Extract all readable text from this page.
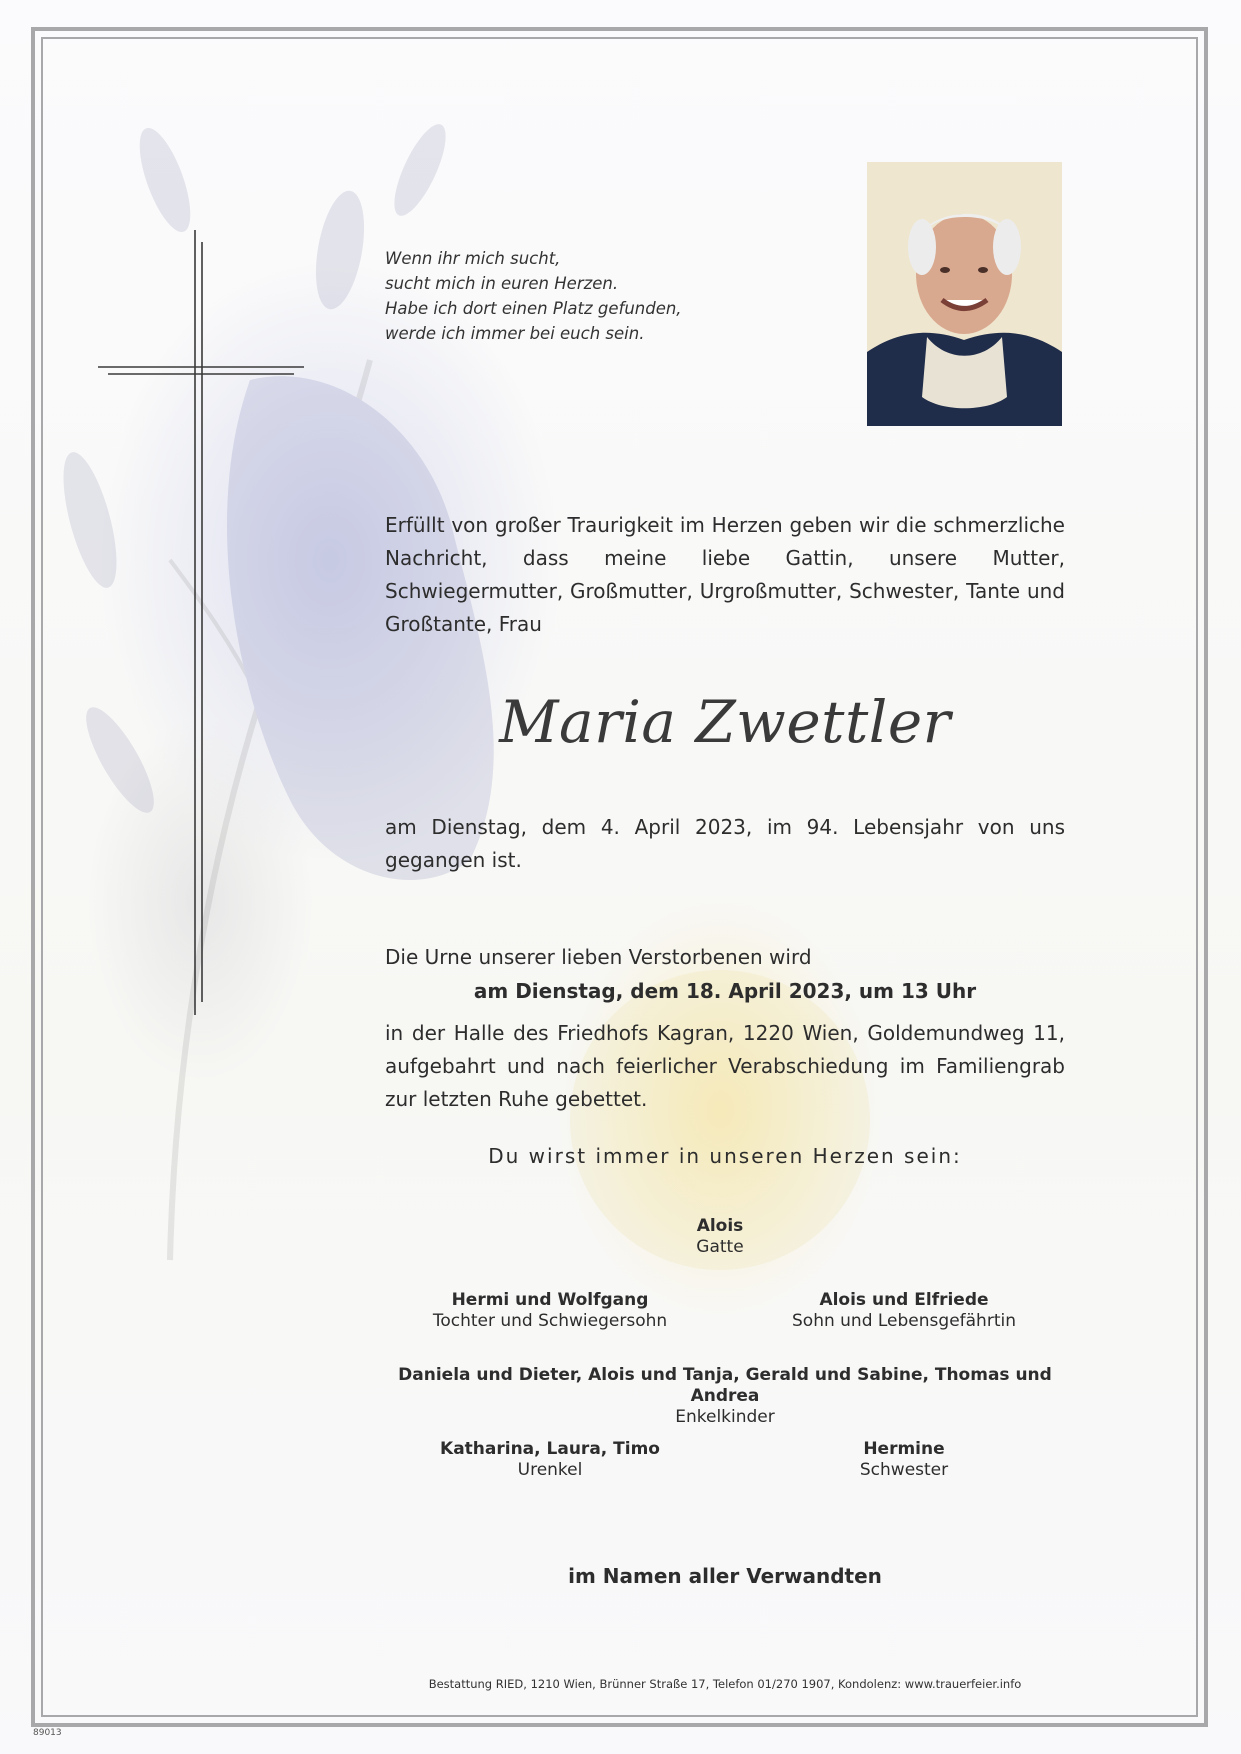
Wenn ihr mich sucht,
sucht mich in euren Herzen.
Habe ich dort einen Platz gefunden,
werde ich immer bei euch sein.
Erfüllt von großer Traurigkeit im Herzen geben wir die schmerzliche Nachricht, dass meine liebe Gattin, unsere Mutter, Schwiegermutter, Großmutter, Urgroßmutter, Schwester, Tante und Großtante, Frau
Maria Zwettler
am Dienstag, dem 4. April 2023, im 94. Lebensjahr von uns gegangen ist.
Die Urne unserer lieben Verstorbenen wird
am Dienstag, dem 18. April 2023, um 13 Uhr
in der Halle des Friedhofs Kagran, 1220 Wien, Goldemundweg 11, aufgebahrt und nach feierlicher Verabschiedung im Familiengrab zur letzten Ruhe gebettet.
Du wirst immer in unseren Herzen sein:
Alois
Gatte
Hermi und Wolfgang
Tochter und Schwiegersohn
Alois und Elfriede
Sohn und Lebensgefährtin
Daniela und Dieter, Alois und Tanja, Gerald und Sabine, Thomas und Andrea
Enkelkinder
Katharina, Laura, Timo
Urenkel
Hermine
Schwester
im Namen aller Verwandten
Bestattung RIED, 1210 Wien, Brünner Straße 17, Telefon 01/270 1907, Kondolenz: www.trauerfeier.info
89013
